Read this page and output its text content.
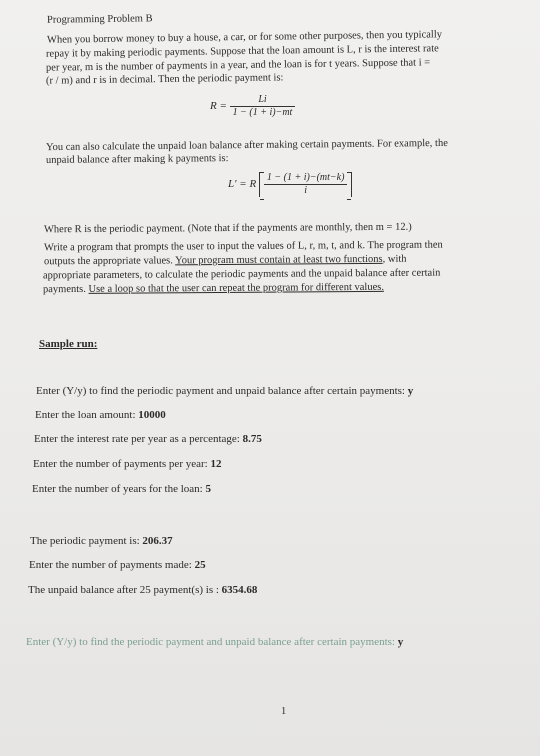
Programming Problem B
When you borrow money to buy a house, a car, or for some other purposes, then you typically
repay it by making periodic payments. Suppose that the loan amount is L, r is the interest rate
per year, m is the number of payments in a year, and the loan is for t years. Suppose that i =
(r / m) and r is in decimal. Then the periodic payment is:
$R = \frac{Li}{1 - (1 + i)-mt}$
You can also calculate the unpaid loan balance after making certain payments. For example, the
unpaid balance after making k payments is:
L′ = R $\frac{1 - (1 + i)-(mt-k)}{i}$
Where R is the periodic payment. (Note that if the payments are monthly, then m = 12.)
Write a program that prompts the user to input the values of L, r, m, t, and k. The program then
outputs the appropriate values. Your program must contain at least two functions, with
appropriate parameters, to calculate the periodic payments and the unpaid balance after certain
payments. Use a loop so that the user can repeat the program for different values.
Sample run:
Enter (Y/y) to find the periodic payment and unpaid balance after certain payments: y
Enter the loan amount: 10000
Enter the interest rate per year as a percentage: 8.75
Enter the number of payments per year: 12
Enter the number of years for the loan: 5
The periodic payment is: 206.37
Enter the number of payments made: 25
The unpaid balance after 25 payment(s) is : 6354.68
Enter (Y/y) to find the periodic payment and unpaid balance after certain payments: y
1
